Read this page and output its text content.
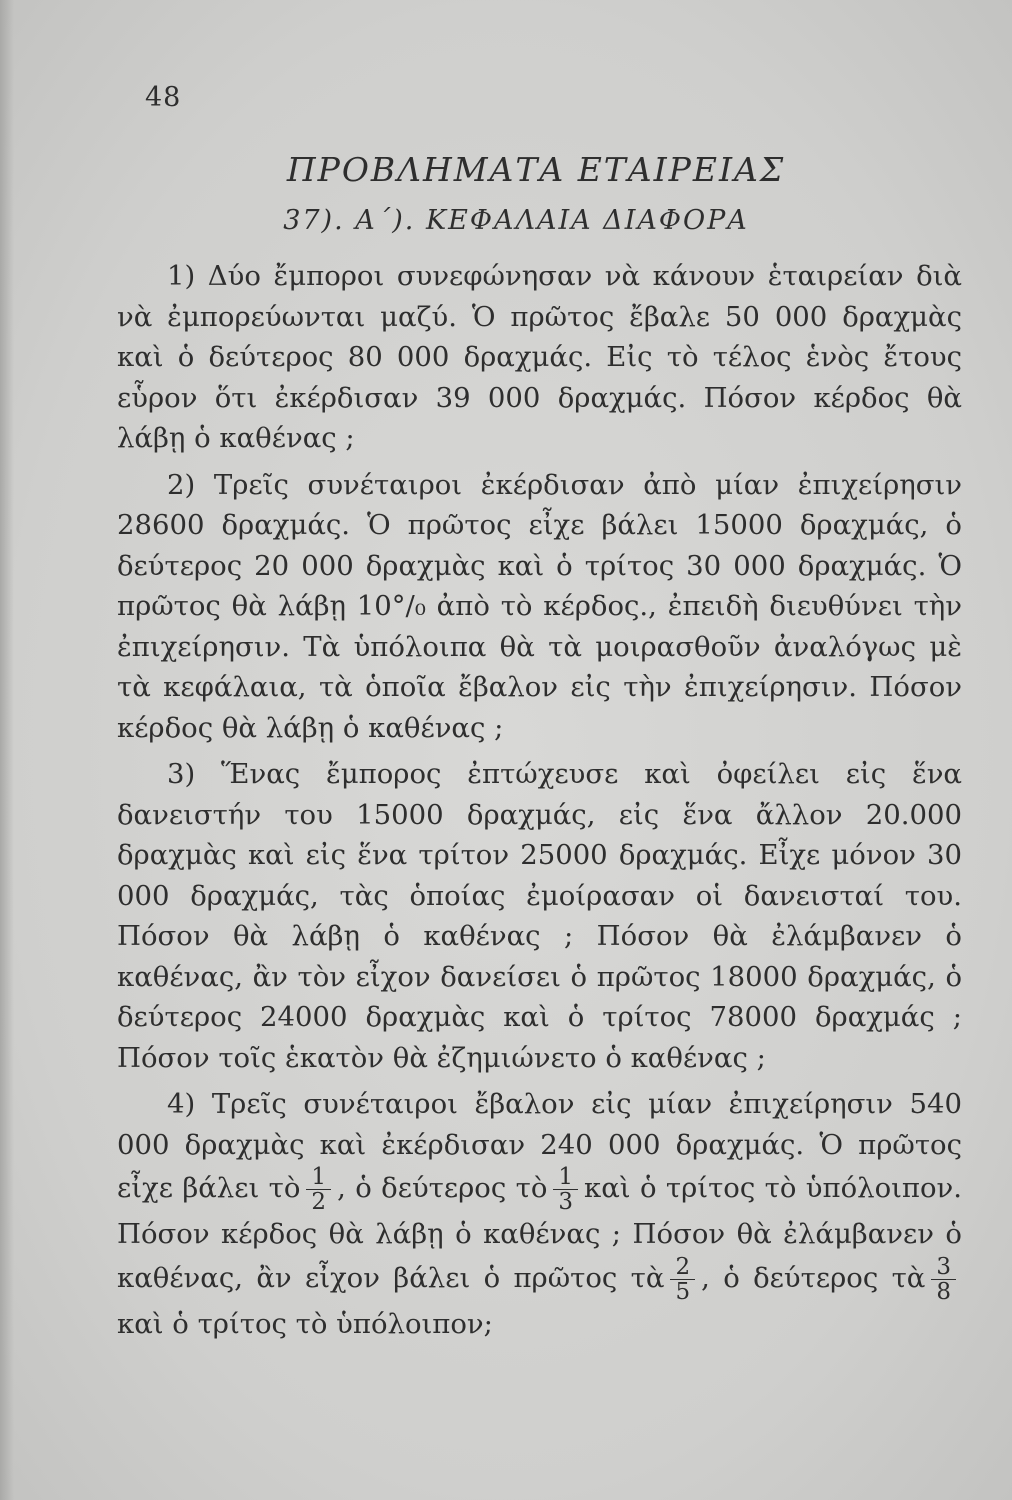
48
ΠΡΟΒΛΗΜΑΤΑ ΕΤΑΙΡΕΙΑΣ
37). Α΄). ΚΕΦΑΛΑΙΑ ΔΙΑΦΟΡΑ

1) Δύο ἔμποροι συνεφώνησαν νὰ κάνουν ἑταιρείαν διὰ νὰ ἐμπορεύωνται μαζύ. Ὁ πρῶτος ἔβαλε 50 000 δραχμὰς καὶ ὁ δεύτερος 80 000 δραχμάς. Εἰς τὸ τέλος ἑνὸς ἔτους εὗρον ὅτι ἐκέρδισαν 39 000 δραχμάς. Πόσον κέρδος θὰ λάβῃ ὁ καθένας ;

2) Τρεῖς συνέταιροι ἐκέρδισαν ἀπὸ μίαν ἐπιχείρησιν 28600 δραχμάς. Ὁ πρῶτος εἶχε βάλει 15000 δραχμάς, ὁ δεύτερος 20 000 δραχμὰς καὶ ὁ τρίτος 30 000 δραχμάς. Ὁ πρῶτος θὰ λάβῃ 10°/₀ ἀπὸ τὸ κέρδος., ἐπειδὴ διευθύνει τὴν ἐπιχείρησιν. Τὰ ὑπόλοιπα θὰ τὰ μοιρασθοῦν ἀναλόγως μὲ τὰ κεφάλαια, τὰ ὁποῖα ἔβαλον εἰς τὴν ἐπιχείρησιν. Πόσον κέρδος θὰ λάβῃ ὁ καθένας ;

3) Ἕνας ἔμπορος ἐπτώχευσε καὶ ὀφείλει εἰς ἕνα δανειστήν του 15000 δραχμάς, εἰς ἕνα ἄλλον 20.000 δραχμὰς καὶ εἰς ἕνα τρίτον 25000 δραχμάς. Εἶχε μόνον 30 000 δραχμάς, τὰς ὁποίας ἐμοίρασαν οἱ δανεισταί του. Πόσον θὰ λάβῃ ὁ καθένας ; Πόσον θὰ ἐλάμβανεν ὁ καθένας, ἂν τὸν εἶχον δανείσει ὁ πρῶτος 18000 δραχμάς, ὁ δεύτερος 24000 δραχμὰς καὶ ὁ τρίτος 78000 δραχμάς ; Πόσον τοῖς ἑκατὸν θὰ ἐζημιώνετο ὁ καθένας ;

4) Τρεῖς συνέταιροι ἔβαλον εἰς μίαν ἐπιχείρησιν 540 000 δραχμὰς καὶ ἐκέρδισαν 240 000 δραχμάς. Ὁ πρῶτος εἶχε βάλει τὸ $\frac{1}{2}$ , ὁ δεύτερος τὸ $\frac{1}{3}$ καὶ ὁ τρίτος τὸ ὑπόλοιπον. Πόσον κέρδος θὰ λάβῃ ὁ καθένας ; Πόσον θὰ ἐλάμβανεν ὁ καθένας, ἂν εἶχον βάλει ὁ πρῶτος τὰ $\frac{2}{5}$ , ὁ δεύτερος τὰ $\frac{3}{8}$
καὶ ὁ τρίτος τὸ ὑπόλοιπον;
